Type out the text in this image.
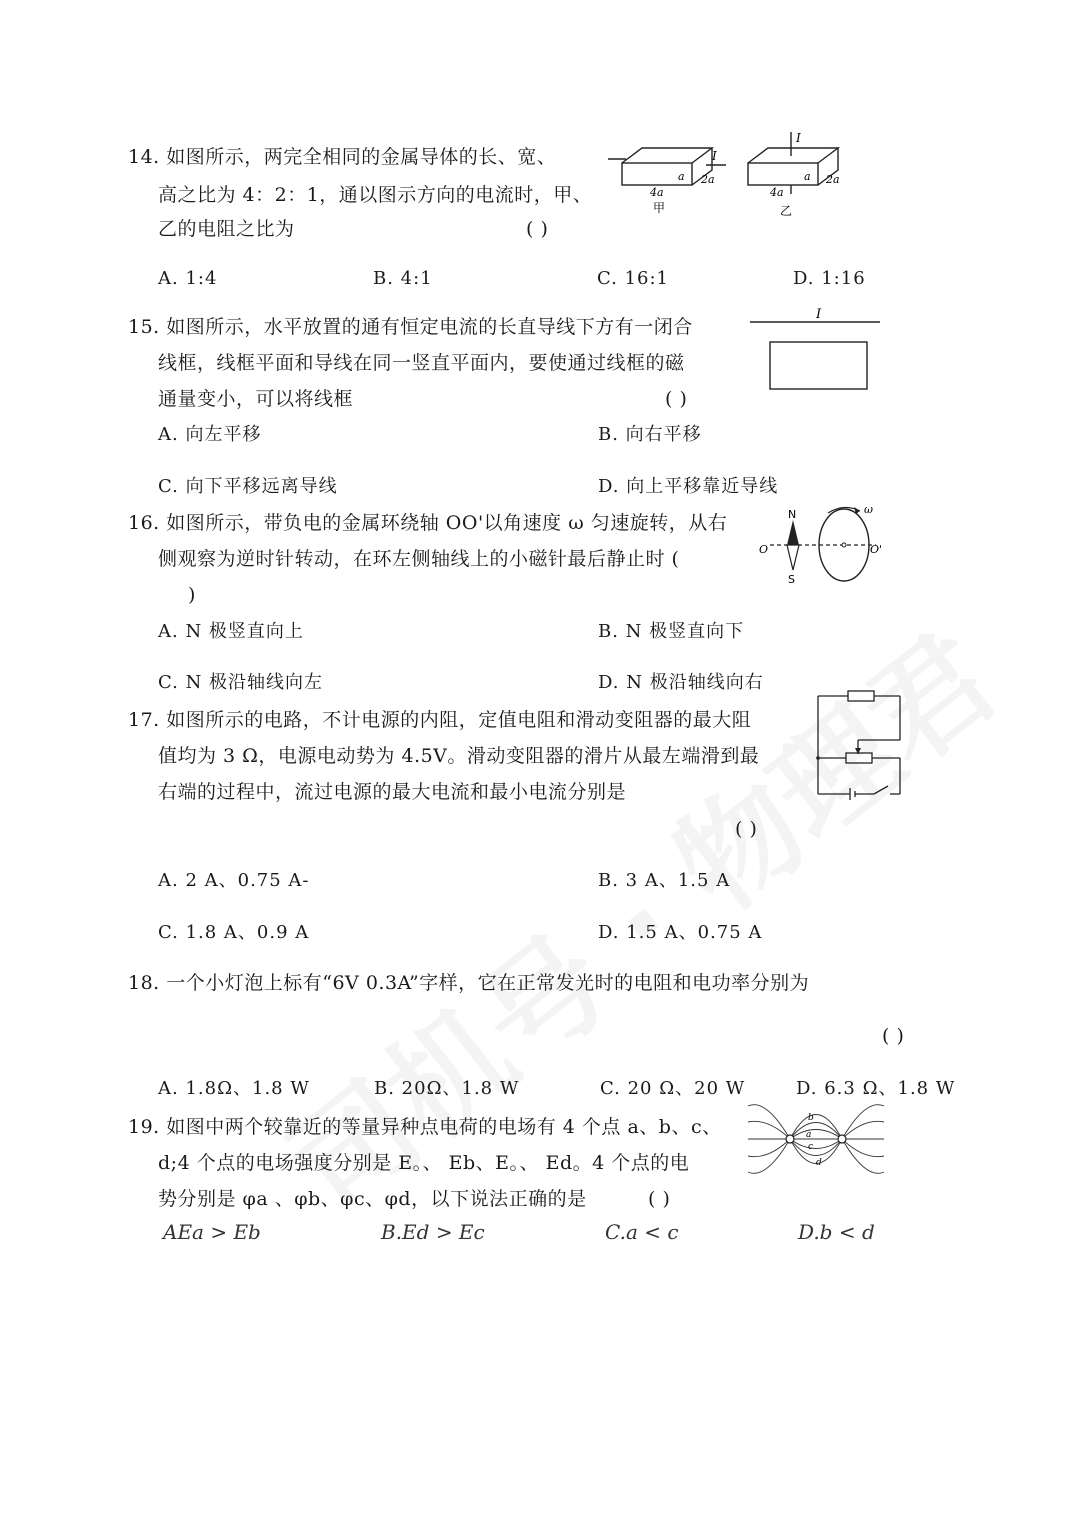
14. 如图所示，两完全相同的金属导体的长、宽、
高之比为 4：2：1，通以图示方向的电流时，甲、
乙的电阻之比为	( )
I
a 2a
4a
甲
I
a 2a
4a
乙
A. 1:4	B. 4:1	C. 16:1	D. 1:16
15. 如图所示，水平放置的通有恒定电流的长直导线下方有一闭合
线框，线框平面和导线在同一竖直平面内，要使通过线框的磁
通量变小，可以将线框	( )
I
A. 向左平移	B. 向右平移
C. 向下平移远离导线	D. 向上平移靠近导线
16. 如图所示，带负电的金属环绕轴 OO'以角速度 ω 匀速旋转，从右
侧观察为逆时针转动，在环左侧轴线上的小磁针最后静止时 (
)
N
S
O	O'
ω
A. N 极竖直向上	B. N 极竖直向下
C. N 极沿轴线向左	D. N 极沿轴线向右
17. 如图所示的电路，不计电源的内阻，定值电阻和滑动变阻器的最大阻
值均为 3 Ω，电源电动势为 4.5V。滑动变阻器的滑片从最左端滑到最
右端的过程中，流过电源的最大电流和最小电流分别是
( )
A. 2 A、0.75 A-	B. 3 A、1.5 A
C. 1.8 A、0.9 A	D. 1.5 A、0.75 A
18. 一个小灯泡上标有“6V 0.3A”字样，它在正常发光时的电阻和电功率分别为
( )
A. 1.8Ω、1.8 W	B. 20Ω、1.8 W	C. 20 Ω、20 W	D. 6.3 Ω、1.8 W
19. 如图中两个较靠近的等量异种点电荷的电场有 4 个点 a、b、c、
d;4 个点的电场强度分别是 E。、 Eb、E。、 Ed。4 个点的电
势分别是 φa 、φb、φc、φd，以下说法正确的是	( )
a
b
c
d
AEa > Eb	B.Ed > Ec	C.a < c	D.b < d
